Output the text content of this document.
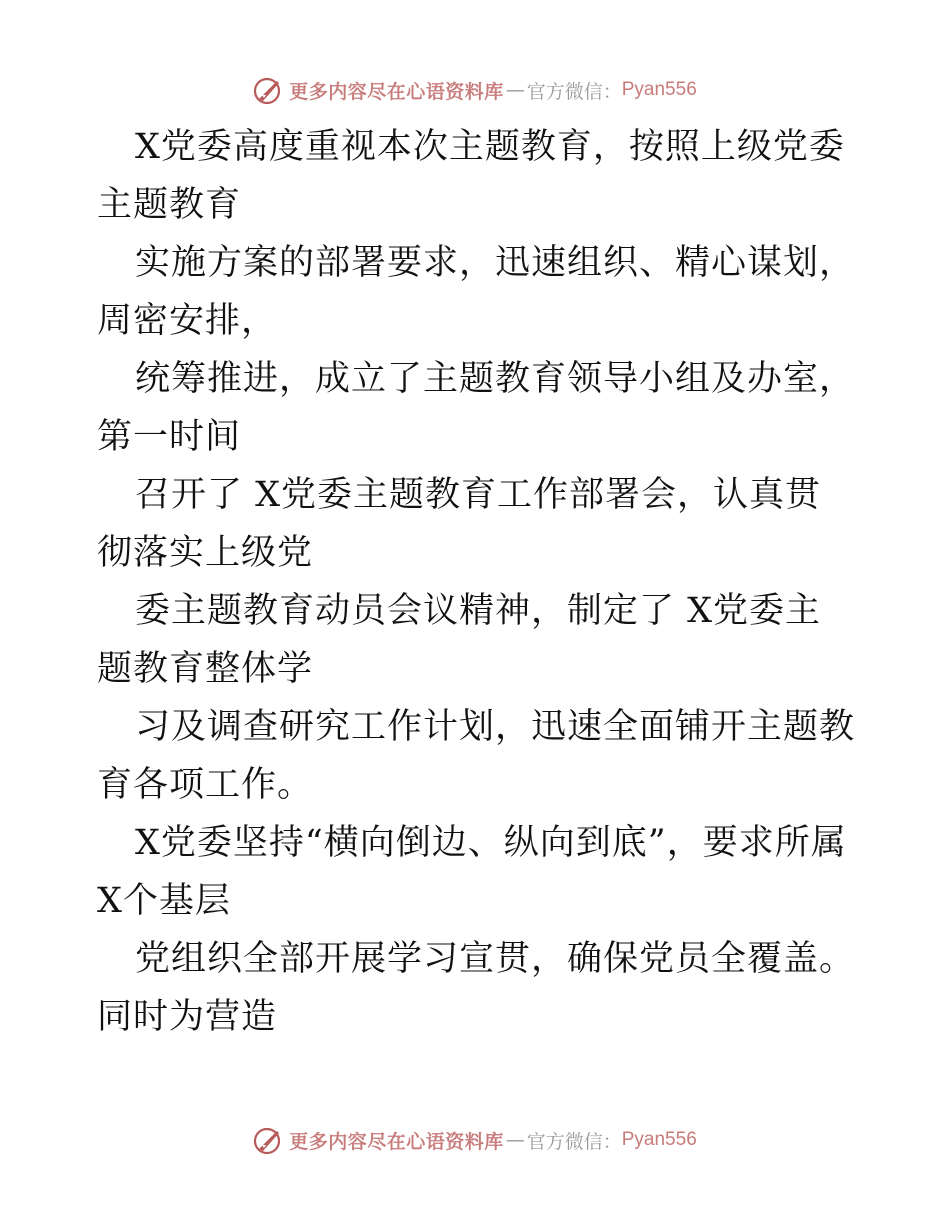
更多内容尽在心语资料库 — 官方微信： Pyan556

X党委高度重视本次主题教育，按照上级党委主题教育

实施方案的部署要求，迅速组织、精心谋划，周密安排，

统筹推进，成立了主题教育领导小组及办室，第一时间

召开了 X党委主题教育工作部署会，认真贯彻落实上级党

委主题教育动员会议精神，制定了 X党委主题教育整体学

习及调查研究工作计划，迅速全面铺开主题教育各项工作。

X党委坚持“横向倒边、纵向到底”，要求所属 X个基层

党组织全部开展学习宣贯，确保党员全覆盖。同时为营造

更多内容尽在心语资料库 — 官方微信： Pyan556
